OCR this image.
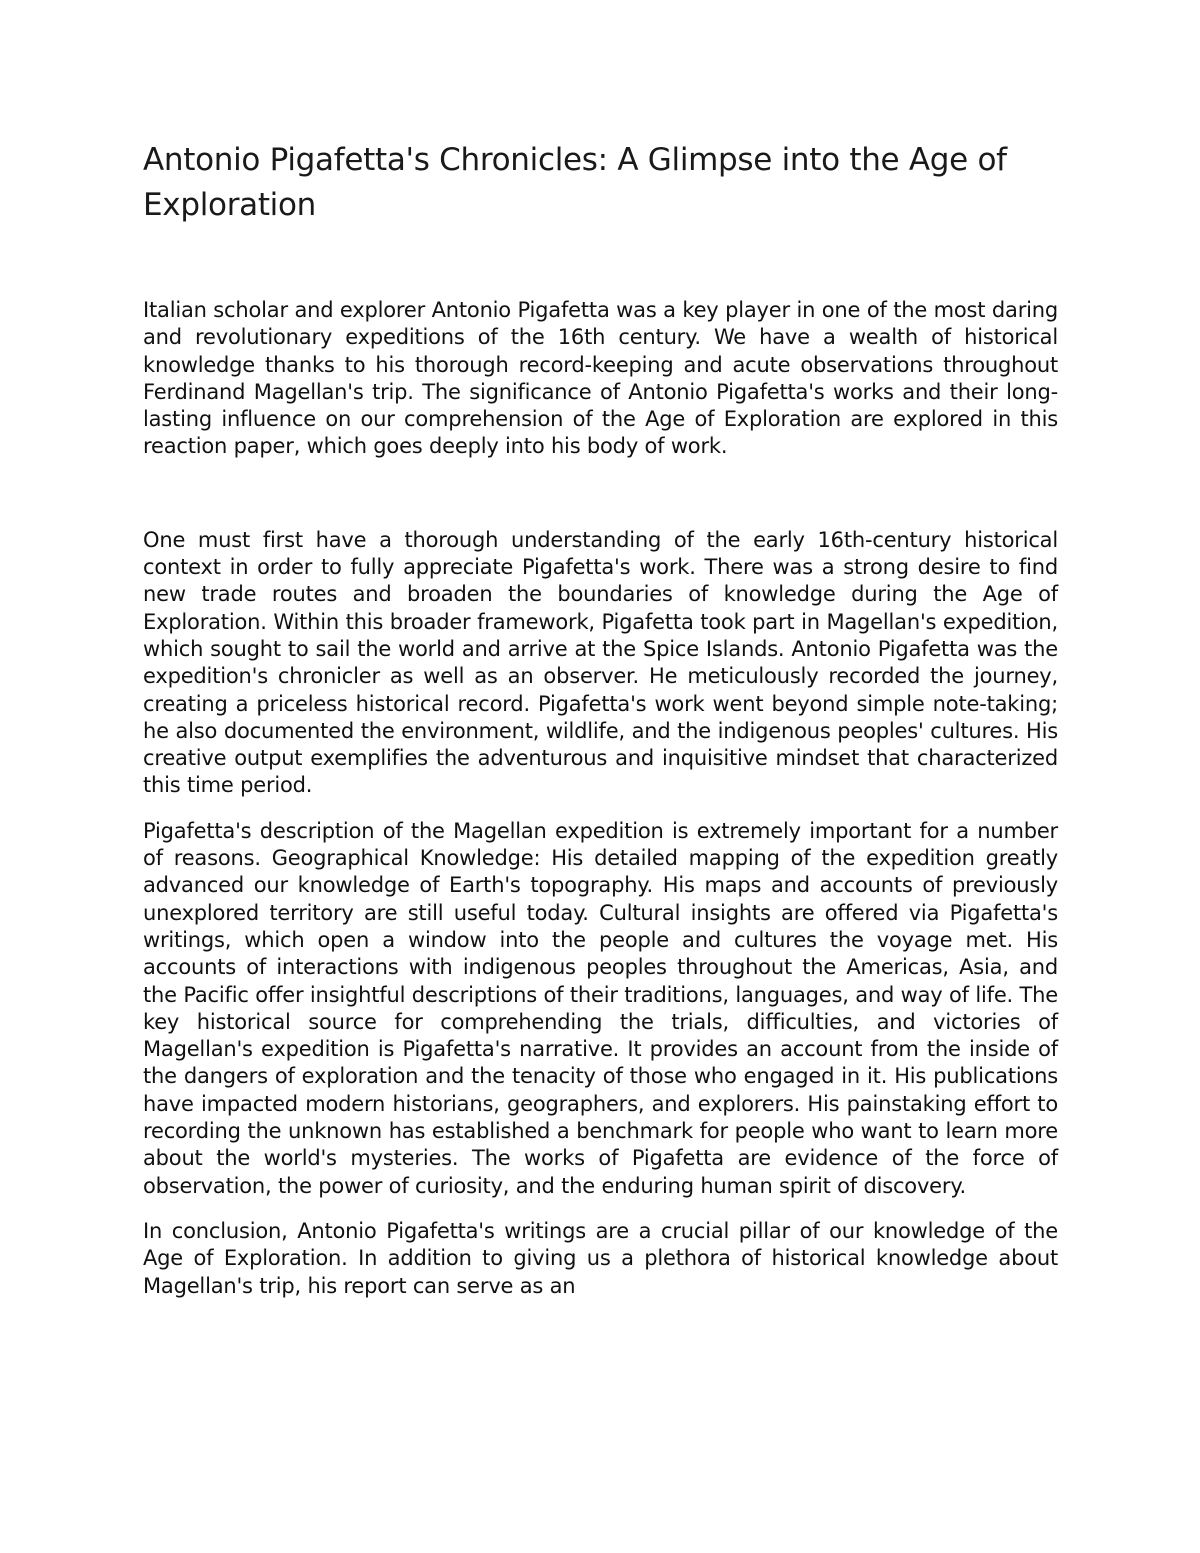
Antonio Pigafetta's Chronicles: A Glimpse into the Age of Exploration

Italian scholar and explorer Antonio Pigafetta was a key player in one of the most daring and revolutionary expeditions of the 16th century. We have a wealth of historical knowledge thanks to his thorough record-keeping and acute observations throughout Ferdinand Magellan's trip. The significance of Antonio Pigafetta's works and their long-lasting influence on our comprehension of the Age of Exploration are explored in this reaction paper, which goes deeply into his body of work.

One must first have a thorough understanding of the early 16th-century historical context in order to fully appreciate Pigafetta's work. There was a strong desire to find new trade routes and broaden the boundaries of knowledge during the Age of Exploration. Within this broader framework, Pigafetta took part in Magellan's expedition, which sought to sail the world and arrive at the Spice Islands. Antonio Pigafetta was the expedition's chronicler as well as an observer. He meticulously recorded the journey, creating a priceless historical record. Pigafetta's work went beyond simple note-taking; he also documented the environment, wildlife, and the indigenous peoples' cultures. His creative output exemplifies the adventurous and inquisitive mindset that characterized this time period.

Pigafetta's description of the Magellan expedition is extremely important for a number of reasons. Geographical Knowledge: His detailed mapping of the expedition greatly advanced our knowledge of Earth's topography. His maps and accounts of previously unexplored territory are still useful today. Cultural insights are offered via Pigafetta's writings, which open a window into the people and cultures the voyage met. His accounts of interactions with indigenous peoples throughout the Americas, Asia, and the Pacific offer insightful descriptions of their traditions, languages, and way of life. The key historical source for comprehending the trials, difficulties, and victories of Magellan's expedition is Pigafetta's narrative. It provides an account from the inside of the dangers of exploration and the tenacity of those who engaged in it. His publications have impacted modern historians, geographers, and explorers. His painstaking effort to recording the unknown has established a benchmark for people who want to learn more about the world's mysteries. The works of Pigafetta are evidence of the force of observation, the power of curiosity, and the enduring human spirit of discovery.

In conclusion, Antonio Pigafetta's writings are a crucial pillar of our knowledge of the Age of Exploration. In addition to giving us a plethora of historical knowledge about Magellan's trip, his report can serve as an
